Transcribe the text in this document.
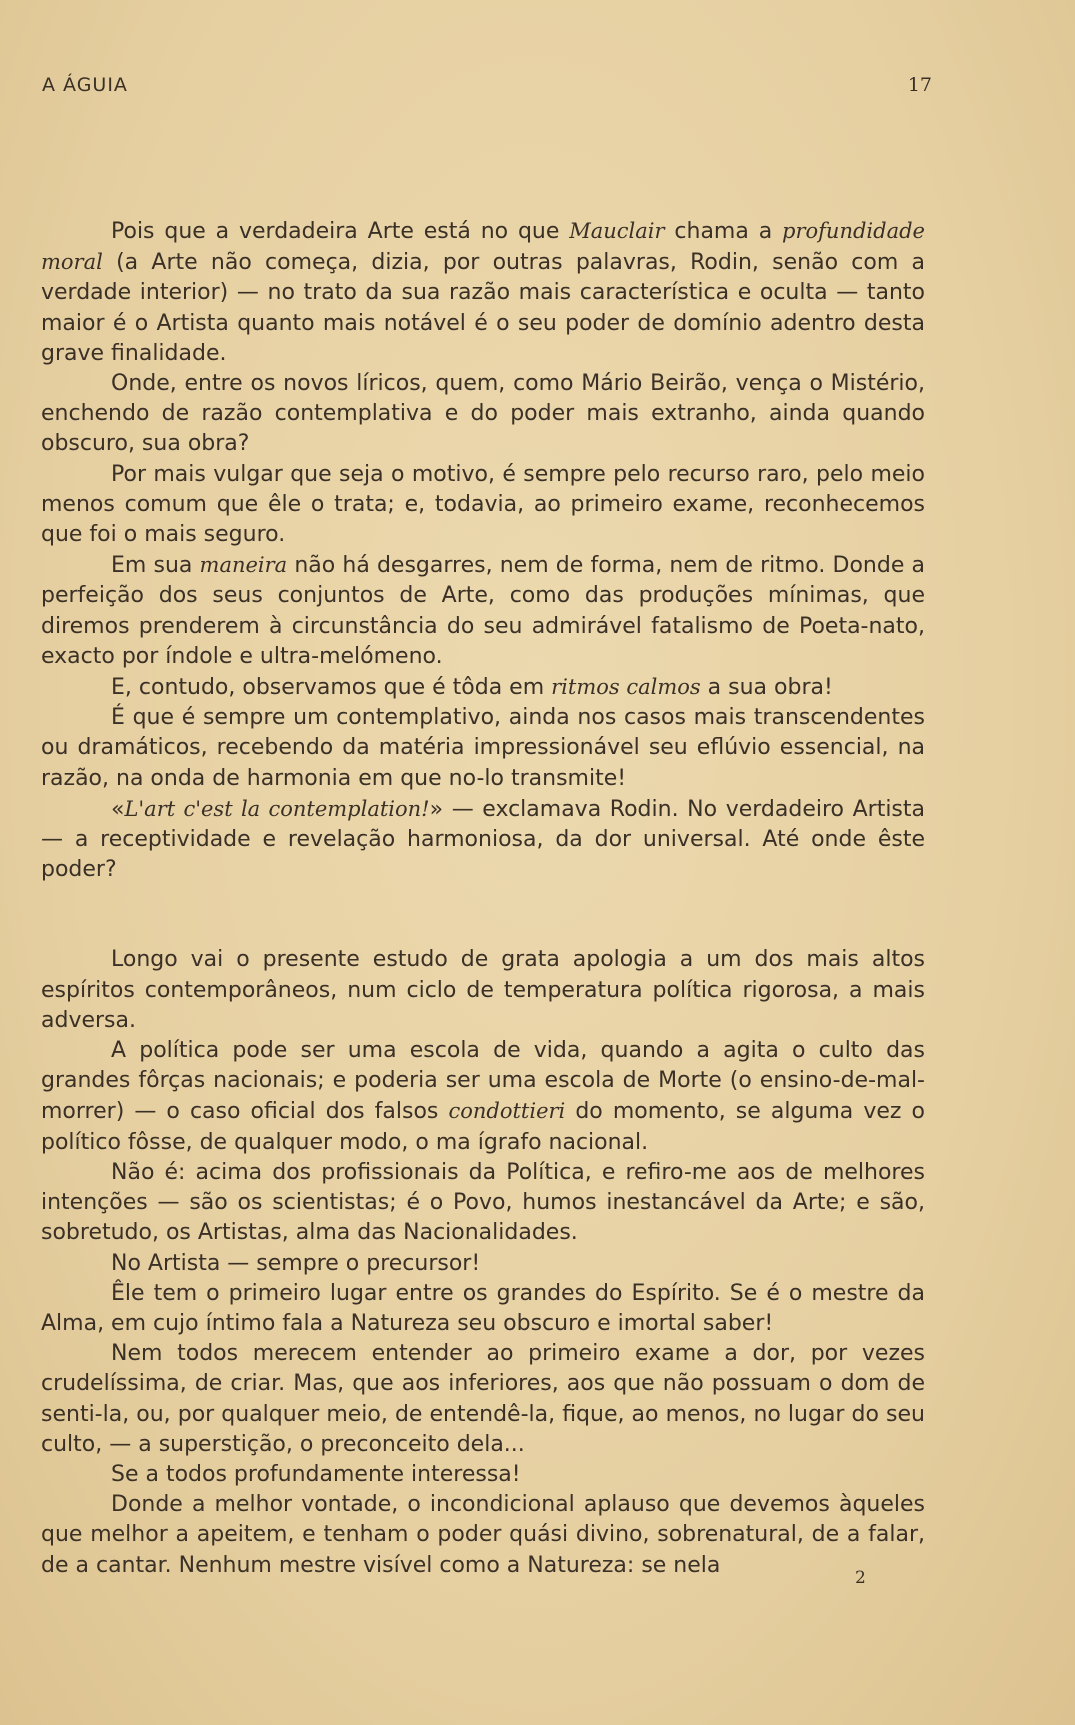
A ÁGUIA	17

Pois que a verdadeira Arte está no que Mauclair chama a profundidade moral (a Arte não começa, dizia, por outras palavras, Rodin, senão com a verdade interior) — no trato da sua razão mais característica e oculta — tanto maior é o Artista quanto mais notável é o seu poder de domínio adentro desta grave finalidade.

Onde, entre os novos líricos, quem, como Mário Beirão, vença o Mistério, enchendo de razão contemplativa e do poder mais extranho, ainda quando obscuro, sua obra?

Por mais vulgar que seja o motivo, é sempre pelo recurso raro, pelo meio menos comum que êle o trata; e, todavia, ao primeiro exame, reconhecemos que foi o mais seguro.

Em sua maneira não há desgarres, nem de forma, nem de ritmo. Donde a perfeição dos seus conjuntos de Arte, como das produções mínimas, que diremos prenderem à circunstância do seu admirável fatalismo de Poeta-nato, exacto por índole e ultra-melómeno.

E, contudo, observamos que é tôda em ritmos calmos a sua obra!

É que é sempre um contemplativo, ainda nos casos mais transcendentes ou dramáticos, recebendo da matéria impressionável seu eflúvio essencial, na razão, na onda de harmonia em que no-lo transmite!

«L'art c'est la contemplation!» — exclamava Rodin. No verdadeiro Artista — a receptividade e revelação harmoniosa, da dor universal. Até onde êste poder?

Longo vai o presente estudo de grata apologia a um dos mais altos espíritos contemporâneos, num ciclo de temperatura política rigorosa, a mais adversa.

A política pode ser uma escola de vida, quando a agita o culto das grandes fôrças nacionais; e poderia ser uma escola de Morte (o ensino-de-mal-morrer) — o caso oficial dos falsos condottieri do momento, se alguma vez o político fôsse, de qualquer modo, o ma ígrafo nacional.

Não é: acima dos profissionais da Política, e refiro-me aos de melhores intenções — são os scientistas; é o Povo, humos inestancável da Arte; e são, sobretudo, os Artistas, alma das Nacionalidades.

No Artista — sempre o precursor!

Êle tem o primeiro lugar entre os grandes do Espírito. Se é o mestre da Alma, em cujo íntimo fala a Natureza seu obscuro e imortal saber!

Nem todos merecem entender ao primeiro exame a dor, por vezes crudelíssima, de criar. Mas, que aos inferiores, aos que não possuam o dom de senti-la, ou, por qualquer meio, de entendê-la, fique, ao menos, no lugar do seu culto, — a superstição, o preconceito dela...

Se a todos profundamente interessa!

Donde a melhor vontade, o incondicional aplauso que devemos àqueles que melhor a apeitem, e tenham o poder quási divino, sobrenatural, de a falar, de a cantar. Nenhum mestre visível como a Natureza: se nela

2
